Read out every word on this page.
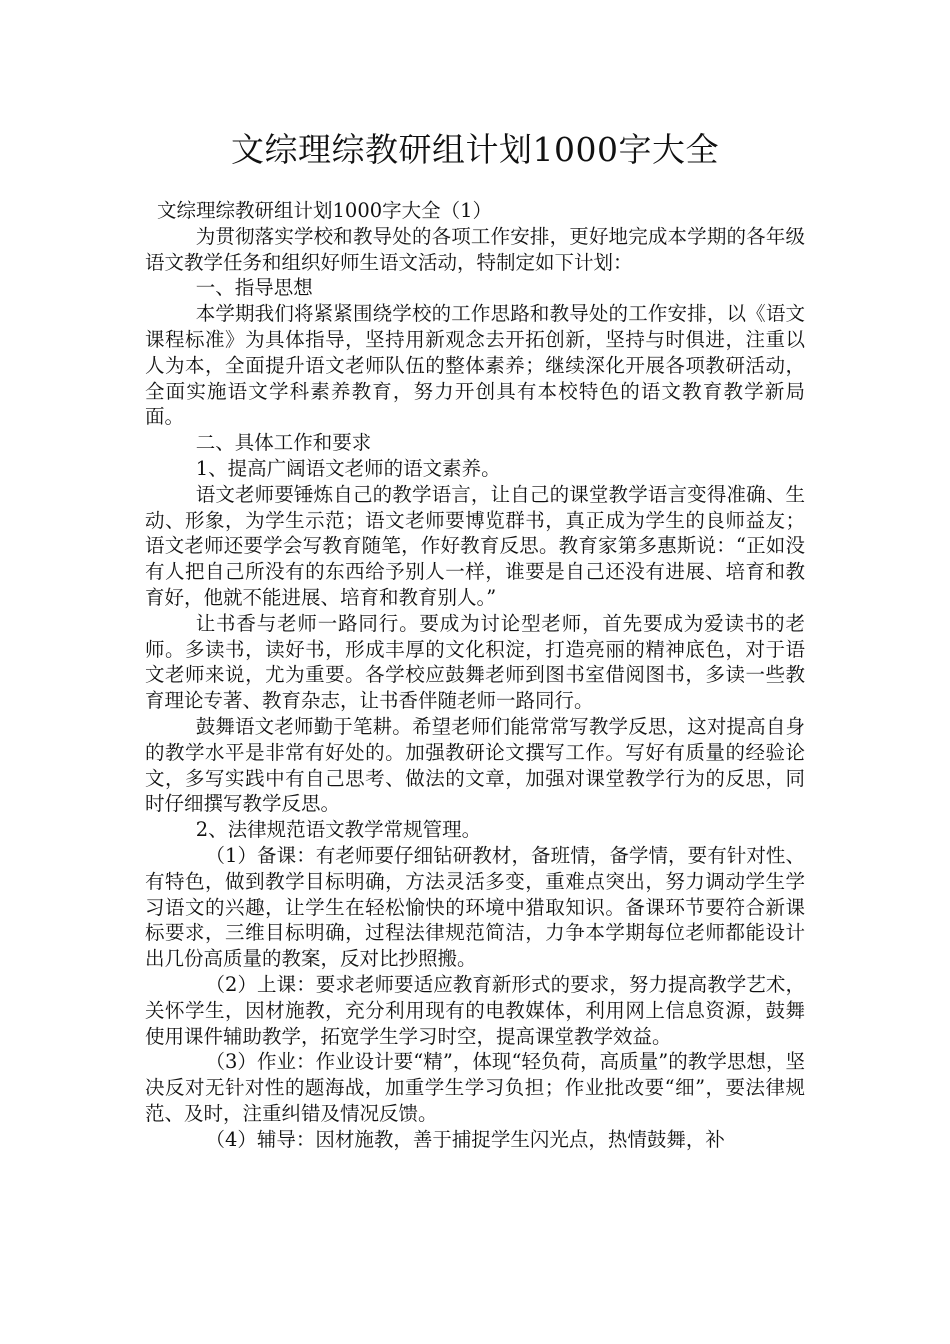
文综理综教研组计划1000字大全

文综理综教研组计划1000字大全（1）

为贯彻落实学校和教导处的各项工作安排，更好地完成本学期的各年级语文教学任务和组织好师生语文活动，特制定如下计划：

一、指导思想

本学期我们将紧紧围绕学校的工作思路和教导处的工作安排，以《语文课程标准》为具体指导，坚持用新观念去开拓创新，坚持与时俱进，注重以人为本，全面提升语文老师队伍的整体素养；继续深化开展各项教研活动，全面实施语文学科素养教育，努力开创具有本校特色的语文教育教学新局面。

二、具体工作和要求

1、提高广阔语文老师的语文素养。

语文老师要锤炼自己的教学语言，让自己的课堂教学语言变得准确、生动、形象，为学生示范；语文老师要博览群书，真正成为学生的良师益友；语文老师还要学会写教育随笔，作好教育反思。教育家第多惠斯说：“正如没有人把自己所没有的东西给予别人一样，谁要是自己还没有进展、培育和教育好，他就不能进展、培育和教育别人。”

让书香与老师一路同行。要成为讨论型老师，首先要成为爱读书的老师。多读书，读好书，形成丰厚的文化积淀，打造亮丽的精神底色，对于语文老师来说，尤为重要。各学校应鼓舞老师到图书室借阅图书，多读一些教育理论专著、教育杂志，让书香伴随老师一路同行。

鼓舞语文老师勤于笔耕。希望老师们能常常写教学反思，这对提高自身的教学水平是非常有好处的。加强教研论文撰写工作。写好有质量的经验论文，多写实践中有自己思考、做法的文章，加强对课堂教学行为的反思，同时仔细撰写教学反思。

2、法律规范语文教学常规管理。

（1）备课：有老师要仔细钻研教材，备班情，备学情，要有针对性、有特色，做到教学目标明确，方法灵活多变，重难点突出，努力调动学生学习语文的兴趣，让学生在轻松愉快的环境中猎取知识。备课环节要符合新课标要求，三维目标明确，过程法律规范简洁，力争本学期每位老师都能设计出几份高质量的教案，反对比抄照搬。

（2）上课：要求老师要适应教育新形式的要求，努力提高教学艺术，关怀学生，因材施教，充分利用现有的电教媒体，利用网上信息资源，鼓舞使用课件辅助教学，拓宽学生学习时空，提高课堂教学效益。

（3）作业：作业设计要“精”，体现“轻负荷，高质量”的教学思想，坚决反对无针对性的题海战，加重学生学习负担；作业批改要“细”，要法律规范、及时，注重纠错及情况反馈。

（4）辅导：因材施教，善于捕捉学生闪光点，热情鼓舞，补
